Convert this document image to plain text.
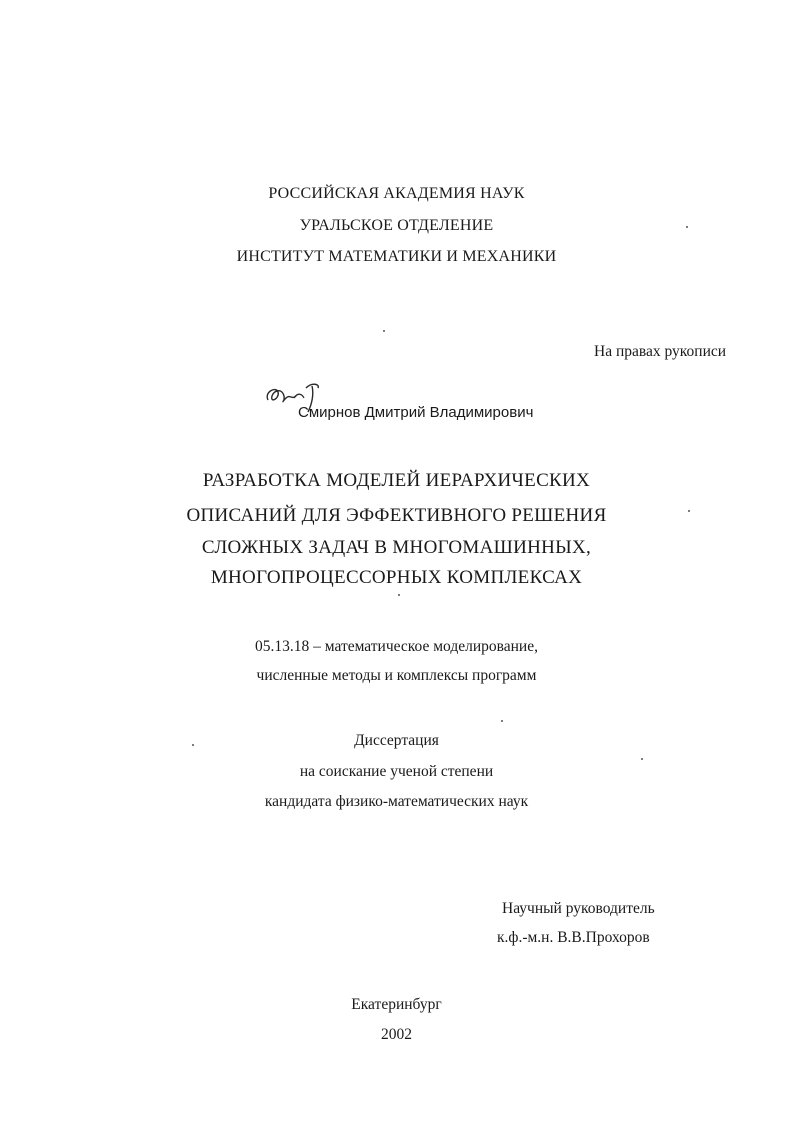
РОССИЙСКАЯ АКАДЕМИЯ НАУК
УРАЛЬСКОЕ ОТДЕЛЕНИЕ
ИНСТИТУТ МАТЕМАТИКИ И МЕХАНИКИ
На правах рукописи
Смирнов Дмитрий Владимирович
РАЗРАБОТКА МОДЕЛЕЙ ИЕРАРХИЧЕСКИХ
ОПИСАНИЙ ДЛЯ ЭФФЕКТИВНОГО РЕШЕНИЯ
СЛОЖНЫХ ЗАДАЧ В МНОГОМАШИННЫХ,
МНОГОПРОЦЕССОРНЫХ КОМПЛЕКСАХ
05.13.18 – математическое моделирование,
численные методы и комплексы программ
Диссертация
на соискание ученой степени
кандидата физико-математических наук
Научный руководитель
к.ф.-м.н. В.В.Прохоров
Екатеринбург
2002
